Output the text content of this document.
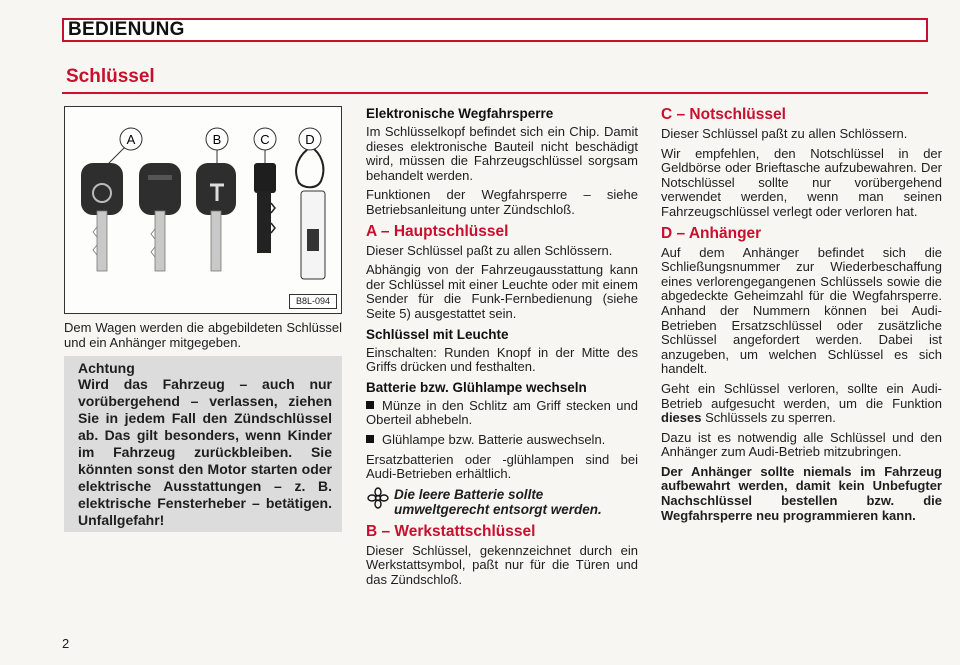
BEDIENUNG
Schlüssel
A	B	C	D
B8L-094
Dem Wagen werden die abgebildeten Schlüssel und ein Anhänger mitgegeben.
Achtung
Wird das Fahrzeug – auch nur vorübergehend – verlassen, ziehen Sie in jedem Fall den Zündschlüssel ab. Das gilt besonders, wenn Kinder im Fahrzeug zurückbleiben. Sie könnten sonst den Motor starten oder elektrische Ausstattungen – z. B. elektrische Fensterheber – betätigen. Unfallgefahr!
Elektronische Wegfahrsperre

Im Schlüsselkopf befindet sich ein Chip. Damit dieses elektronische Bauteil nicht beschädigt wird, müssen die Fahrzeugschlüssel sorgsam behandelt werden.

Funktionen der Wegfahrsperre – siehe Betriebsanleitung unter Zündschloß.

A – Hauptschlüssel

Dieser Schlüssel paßt zu allen Schlössern.

Abhängig von der Fahrzeugausstattung kann der Schlüssel mit einer Leuchte oder mit einem Sender für die Funk-Fernbedienung (siehe Seite 5) ausgestattet sein.

Schlüssel mit Leuchte

Einschalten: Runden Knopf in der Mitte des Griffs drücken und festhalten.

Batterie bzw. Glühlampe wechseln

Münze in den Schlitz am Griff stecken und Oberteil abhebeln.

Glühlampe bzw. Batterie auswechseln.

Ersatzbatterien oder -glühlampen sind bei Audi-Betrieben erhältlich.

Die leere Batterie sollte umweltgerecht entsorgt werden.
B – Werkstattschlüssel

Dieser Schlüssel, gekennzeichnet durch ein Werkstattsymbol, paßt nur für die Türen und das Zündschloß.

C – Notschlüssel

Dieser Schlüssel paßt zu allen Schlössern.

Wir empfehlen, den Notschlüssel in der Geldbörse oder Brieftasche aufzubewahren. Der Notschlüssel sollte nur vorübergehend verwendet werden, wenn man seinen Fahrzeugschlüssel verlegt oder verloren hat.

D – Anhänger

Auf dem Anhänger befindet sich die Schließungsnummer zur Wiederbeschaffung eines verlorengegangenen Schlüssels sowie die abgedeckte Geheimzahl für die Wegfahrsperre. Anhand der Nummern können bei Audi-Betrieben Ersatzschlüssel oder zusätzliche Schlüssel angefordert werden. Dabei ist anzugeben, um welchen Schlüssel es sich handelt.

Geht ein Schlüssel verloren, sollte ein Audi-Betrieb aufgesucht werden, um die Funktion dieses Schlüssels zu sperren.

Dazu ist es notwendig alle Schlüssel und den Anhänger zum Audi-Betrieb mitzubringen.

Der Anhänger sollte niemals im Fahrzeug aufbewahrt werden, damit kein Unbefugter Nachschlüssel bestellen bzw. die Wegfahrsperre neu programmieren kann.

2
